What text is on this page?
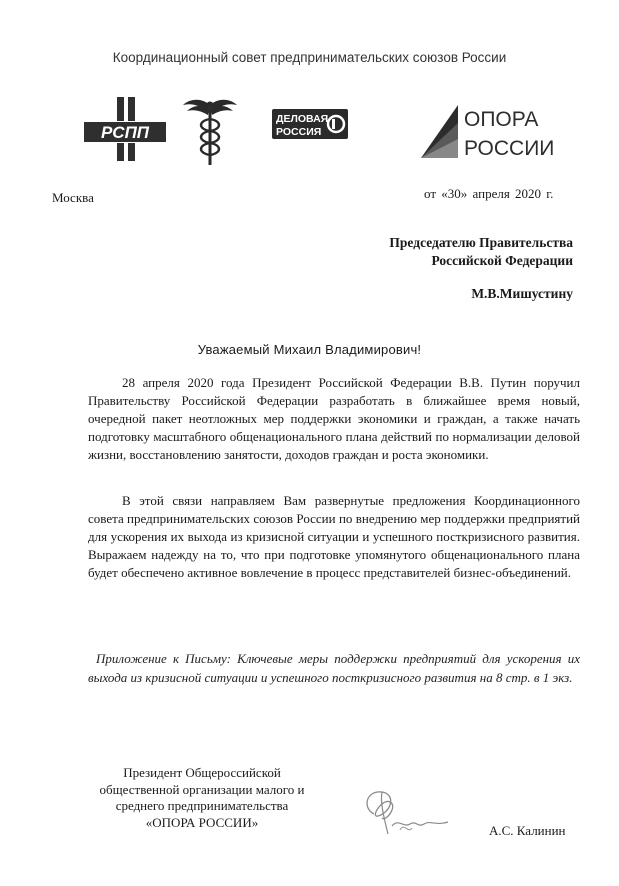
Координационный совет предпринимательских союзов России
РСПП
ДЕЛОВАЯ
РОССИЯ
ОПОРА
РОССИИ
Москва	от «30» апреля 2020 г.
Председателю Правительства
Российской Федерации
М.В.Мишустину
Уважаемый Михаил Владимирович!
28 апреля 2020 года Президент Российской Федерации В.В. Путин поручил Правительству Российской Федерации разработать в ближайшее время новый, очередной пакет неотложных мер поддержки экономики и граждан, а также начать подготовку масштабного общенационального плана действий по нормализации деловой жизни, восстановлению занятости, доходов граждан и роста экономики.
В этой связи направляем Вам развернутые предложения Координационного совета предпринимательских союзов России по внедрению мер поддержки предприятий для ускорения их выхода из кризисной ситуации и успешного посткризисного развития. Выражаем надежду на то, что при подготовке упомянутого общенационального плана будет обеспечено активное вовлечение в процесс представителей бизнес-объединений.
Приложение к Письму: Ключевые меры поддержки предприятий для ускорения их выхода из кризисной ситуации и успешного посткризисного развития на 8 стр. в 1 экз.
Президент Общероссийской
общественной организации малого и
среднего предпринимательства
«ОПОРА РОССИИ»
А.С. Калинин
